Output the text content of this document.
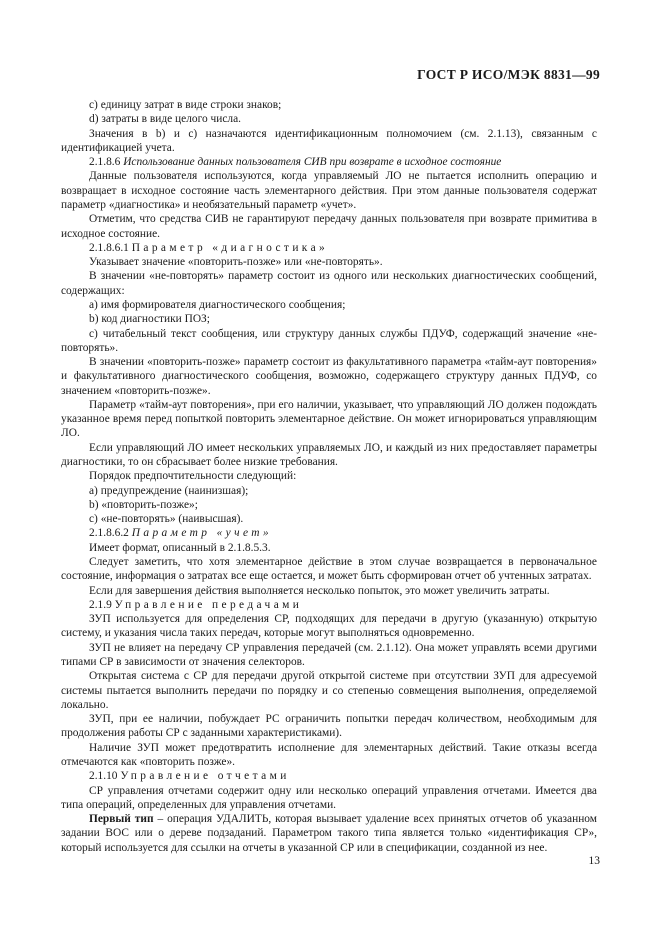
ГОСТ Р ИСО/МЭК 8831—99

c) единицу затрат в виде строки знаков;

d) затраты в виде целого числа.

Значения в b) и c) назначаются идентификационным полномочием (см. 2.1.13), связанным с идентификацией учета.

2.1.8.6 Использование данных пользователя СИВ при возврате в исходное состояние

Данные пользователя используются, когда управляемый ЛО не пытается исполнить операцию и возвращает в исходное состояние часть элементарного действия. При этом данные пользователя содержат параметр «диагностика» и необязательный параметр «учет».

Отметим, что средства СИВ не гарантируют передачу данных пользователя при возврате примитива в исходное состояние.

2.1.8.6.1 Параметр «диагностика»

Указывает значение «повторить-позже» или «не-повторять».

В значении «не-повторять» параметр состоит из одного или нескольких диагностических сообщений, содержащих:

a) имя формирователя диагностического сообщения;

b) код диагностики ПОЗ;

c) читабельный текст сообщения, или структуру данных службы ПДУФ, содержащий значение «не-повторять».

В значении «повторить-позже» параметр состоит из факультативного параметра «тайм-аут повторения» и факультативного диагностического сообщения, возможно, содержащего структуру данных ПДУФ, со значением «повторить-позже».

Параметр «тайм-аут повторения», при его наличии, указывает, что управляющий ЛО должен подождать указанное время перед попыткой повторить элементарное действие. Он может игнорироваться управляющим ЛО.

Если управляющий ЛО имеет нескольких управляемых ЛО, и каждый из них предоставляет параметры диагностики, то он сбрасывает более низкие требования.

Порядок предпочтительности следующий:

a) предупреждение (наинизшая);

b) «повторить-позже»;

c) «не-повторять» (наивысшая).

2.1.8.6.2 Параметр «учет»

Имеет формат, описанный в 2.1.8.5.3.

Следует заметить, что хотя элементарное действие в этом случае возвращается в первоначальное состояние, информация о затратах все еще остается, и может быть сформирован отчет об учтенных затратах.

Если для завершения действия выполняется несколько попыток, это может увеличить затраты.

2.1.9 Управление передачами

ЗУП используется для определения СР, подходящих для передачи в другую (указанную) открытую систему, и указания числа таких передач, которые могут выполняться одновременно.

ЗУП не влияет на передачу СР управления передачей (см. 2.1.12). Она может управлять всеми другими типами СР в зависимости от значения селекторов.

Открытая система с СР для передачи другой открытой системе при отсутствии ЗУП для адресуемой системы пытается выполнить передачи по порядку и со степенью совмещения выполнения, определяемой локально.

ЗУП, при ее наличии, побуждает РС ограничить попытки передач количеством, необходимым для продолжения работы СР с заданными характеристиками).

Наличие ЗУП может предотвратить исполнение для элементарных действий. Такие отказы всегда отмечаются как «повторить позже».

2.1.10 Управление отчетами

СР управления отчетами содержит одну или несколько операций управления отчетами. Имеется два типа операций, определенных для управления отчетами.

Первый тип – операция УДАЛИТЬ, которая вызывает удаление всех принятых отчетов об указанном задании ВОС или о дереве подзаданий. Параметром такого типа является только «идентификация СР», который используется для ссылки на отчеты в указанной СР или в спецификации, созданной из нее.

13
